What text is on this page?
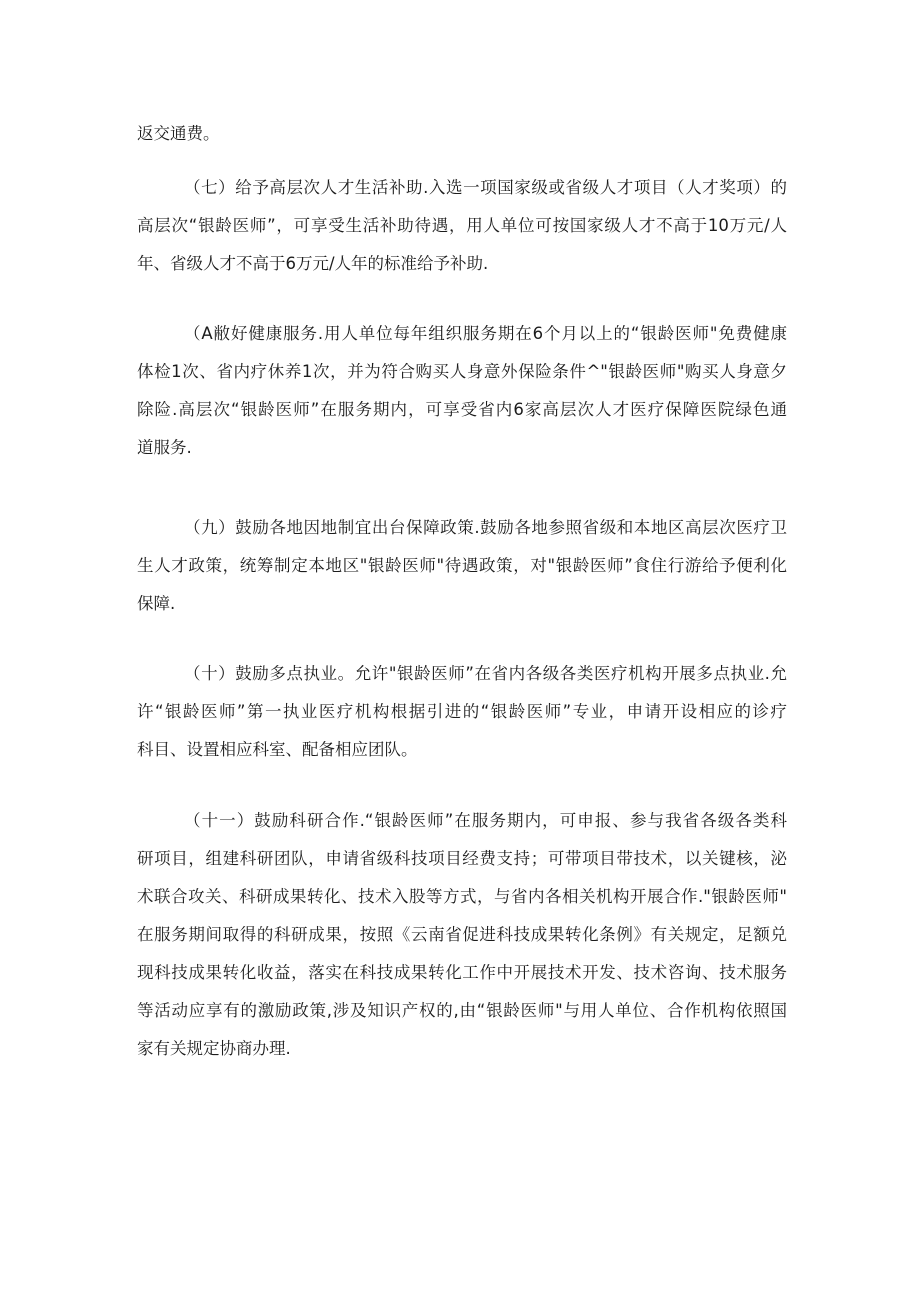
返交通费。
（七）给予高层次人才生活补助.入选一项国家级或省级人才项目（人才奖项）的
高层次“银龄医师”，可享受生活补助待遇，用人单位可按国家级人才不高于10万元/人
年、省级人才不高于6万元/人年的标准给予补助.
（A敝好健康服务.用人单位每年组织服务期在6个月以上的“银龄医师"免费健康
体检1次、省内疗休养1次，并为符合购买人身意外保险条件^"银龄医师"购买人身意夕
除险.高层次“银龄医师”在服务期内，可享受省内6家高层次人才医疗保障医院绿色通
道服务.
（九）鼓励各地因地制宜出台保障政策.鼓励各地参照省级和本地区高层次医疗卫
生人才政策，统筹制定本地区"银龄医师"待遇政策，对"银龄医师”食住行游给予便利化
保障.
（十）鼓励多点执业。允许"银龄医师”在省内各级各类医疗机构开展多点执业.允
许“银龄医师”第一执业医疗机构根据引进的“银龄医师”专业，申请开设相应的诊疗
科目、设置相应科室、配备相应团队。
（十一）鼓励科研合作.“银龄医师”在服务期内，可申报、参与我省各级各类科
研项目，组建科研团队，申请省级科技项目经费支持；可带项目带技术，以关键核，泌
术联合攻关、科研成果转化、技术入股等方式，与省内各相关机构开展合作."银龄医师"
在服务期间取得的科研成果，按照《云南省促进科技成果转化条例》有关规定，足额兑
现科技成果转化收益，落实在科技成果转化工作中开展技术开发、技术咨询、技术服务
等活动应享有的激励政策,涉及知识产权的,由“银龄医师"与用人单位、合作机构依照国
家有关规定协商办理.
